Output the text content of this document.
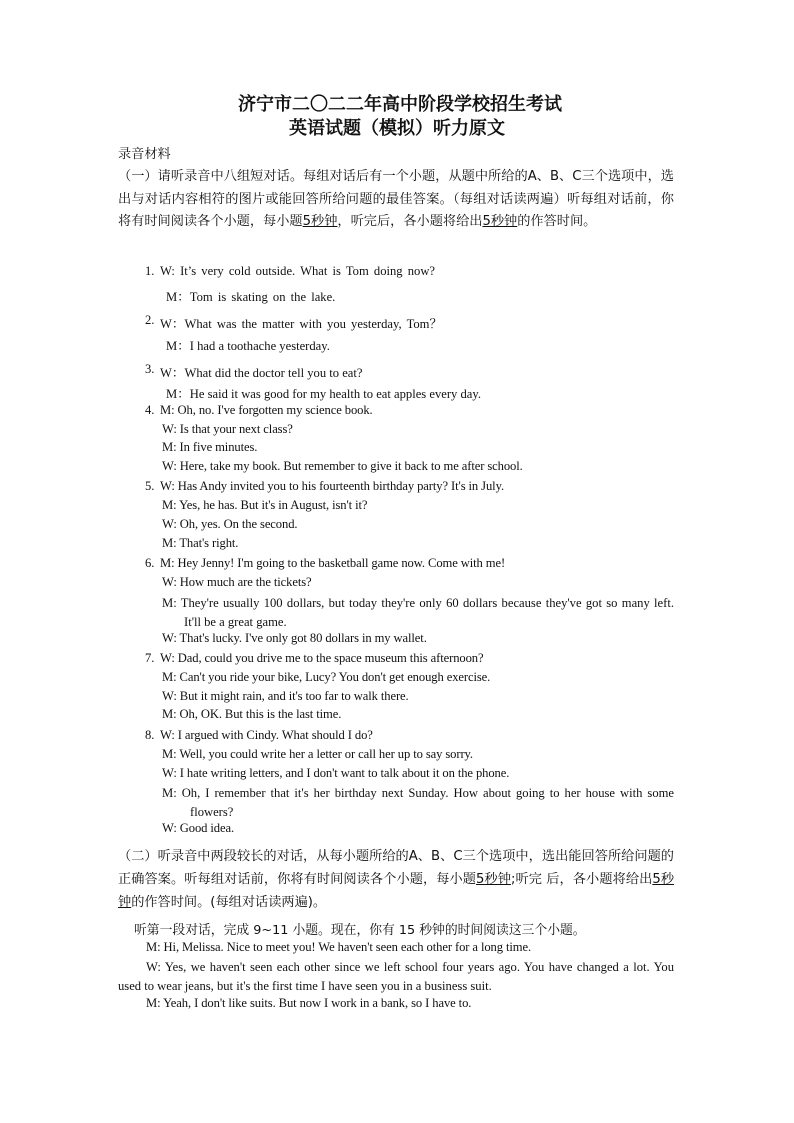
济宁市二〇二二年高中阶段学校招生考试
英语试题（模拟）听力原文
录音材料
（一）请听录音中八组短对话。每组对话后有一个小题，从题中所给的A、B、C三个选项中，选出与对话内容相符的图片或能回答所给问题的最佳答案。（每组对话读两遍）听每组对话前，你将有时间阅读各个小题，每小题5秒钟，听完后，各小题将给出5秒钟的作答时间。
1. W: It’s very cold outside. What is Tom doing now?
M：Tom is skating on the lake.
2. W：What was the matter with you yesterday, Tom？
M：I had a toothache yesterday.
3. W：What did the doctor tell you to eat?
M：He said it was good for my health to eat apples every day.
4. M: Oh, no. I've forgotten my science book.
W: Is that your next class?
M: In five minutes.
W: Here, take my book. But remember to give it back to me after school.
5. W: Has Andy invited you to his fourteenth birthday party? It's in July.
M: Yes, he has. But it's in August, isn't it?
W: Oh, yes. On the second.
M: That's right.
6. M: Hey Jenny! I'm going to the basketball game now. Come with me!
W: How much are the tickets?
M: They're usually 100 dollars, but today they're only 60 dollars because they've got so many left. It'll be a great game.
W: That's lucky. I've only got 80 dollars in my wallet.
7. W: Dad, could you drive me to the space museum this afternoon?
M: Can't you ride your bike, Lucy? You don't get enough exercise.
W: But it might rain, and it's too far to walk there.
M: Oh, OK. But this is the last time.
8. W: I argued with Cindy. What should I do?
M: Well, you could write her a letter or call her up to say sorry.
W: I hate writing letters, and I don't want to talk about it on the phone.
M: Oh, I remember that it's her birthday next Sunday. How about going to her house with some flowers?
W: Good idea.
（二）听录音中两段较长的对话，从每小题所给的A、B、C三个选项中，选出能回答所给问题的正确答案。听每组对话前，你将有时间阅读各个小题，每小题5秒钟;听完 后，各小题将给出5秒钟的作答时间。(每组对话读两遍)。
听第一段对话，完成 9~11 小题。现在，你有 15 秒钟的时间阅读这三个小题。
M: Hi, Melissa. Nice to meet you! We haven't seen each other for a long time.
W: Yes, we haven't seen each other since we left school four years ago. You have changed a lot. You used to wear jeans, but it's the first time I have seen you in a business suit.
M: Yeah, I don't like suits. But now I work in a bank, so I have to.
